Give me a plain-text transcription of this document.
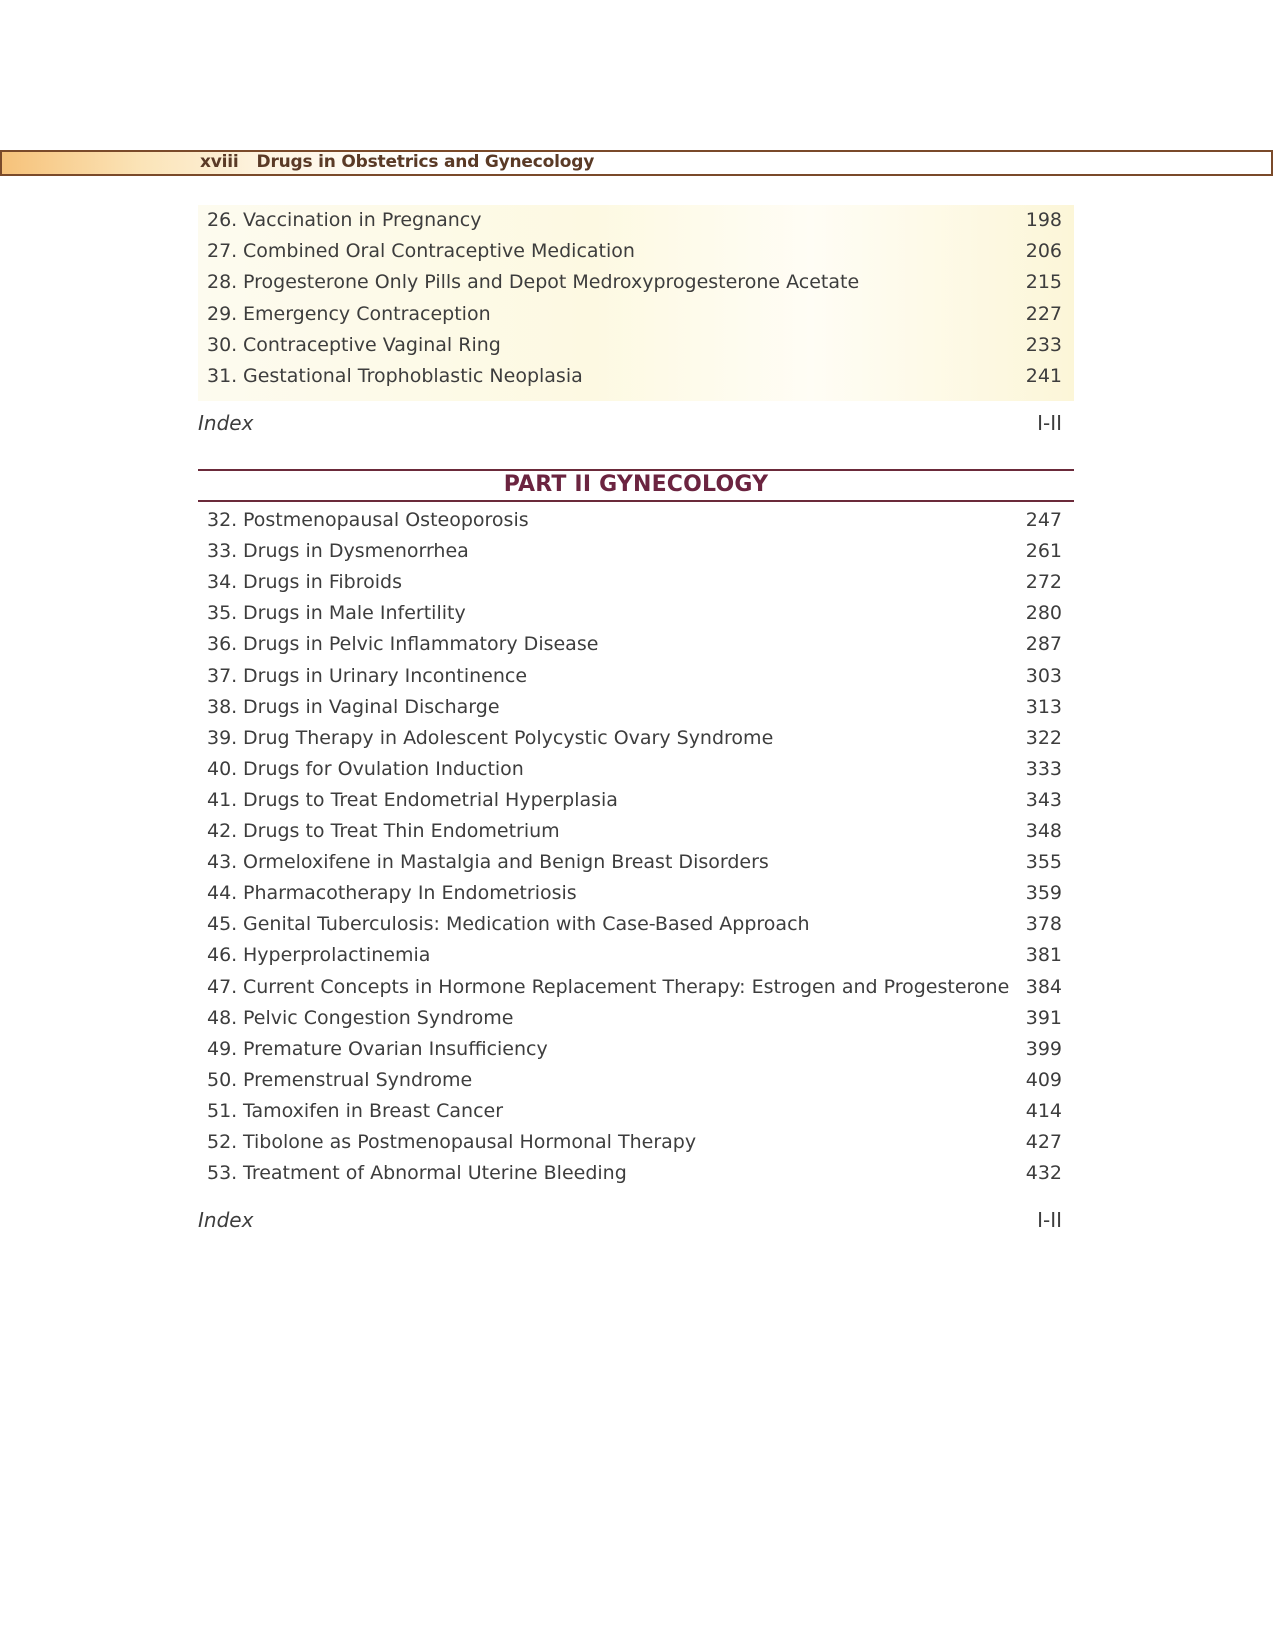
xviii Drugs in Obstetrics and Gynecology
26. Vaccination in Pregnancy	198
27. Combined Oral Contraceptive Medication	206
28. Progesterone Only Pills and Depot Medroxyprogesterone Acetate	215
29. Emergency Contraception	227
30. Contraceptive Vaginal Ring	233
31. Gestational Trophoblastic Neoplasia	241
Index	I-II
PART II GYNECOLOGY
32. Postmenopausal Osteoporosis	247
33. Drugs in Dysmenorrhea	261
34. Drugs in Fibroids	272
35. Drugs in Male Infertility	280
36. Drugs in Pelvic Inflammatory Disease	287
37. Drugs in Urinary Incontinence	303
38. Drugs in Vaginal Discharge	313
39. Drug Therapy in Adolescent Polycystic Ovary Syndrome	322
40. Drugs for Ovulation Induction	333
41. Drugs to Treat Endometrial Hyperplasia	343
42. Drugs to Treat Thin Endometrium	348
43. Ormeloxifene in Mastalgia and Benign Breast Disorders	355
44. Pharmacotherapy In Endometriosis	359
45. Genital Tuberculosis: Medication with Case-Based Approach	378
46. Hyperprolactinemia	381
47. Current Concepts in Hormone Replacement Therapy: Estrogen and Progesterone 384
48. Pelvic Congestion Syndrome	391
49. Premature Ovarian Insufficiency	399
50. Premenstrual Syndrome	409
51. Tamoxifen in Breast Cancer	414
52. Tibolone as Postmenopausal Hormonal Therapy	427
53. Treatment of Abnormal Uterine Bleeding	432
Index	I-II
